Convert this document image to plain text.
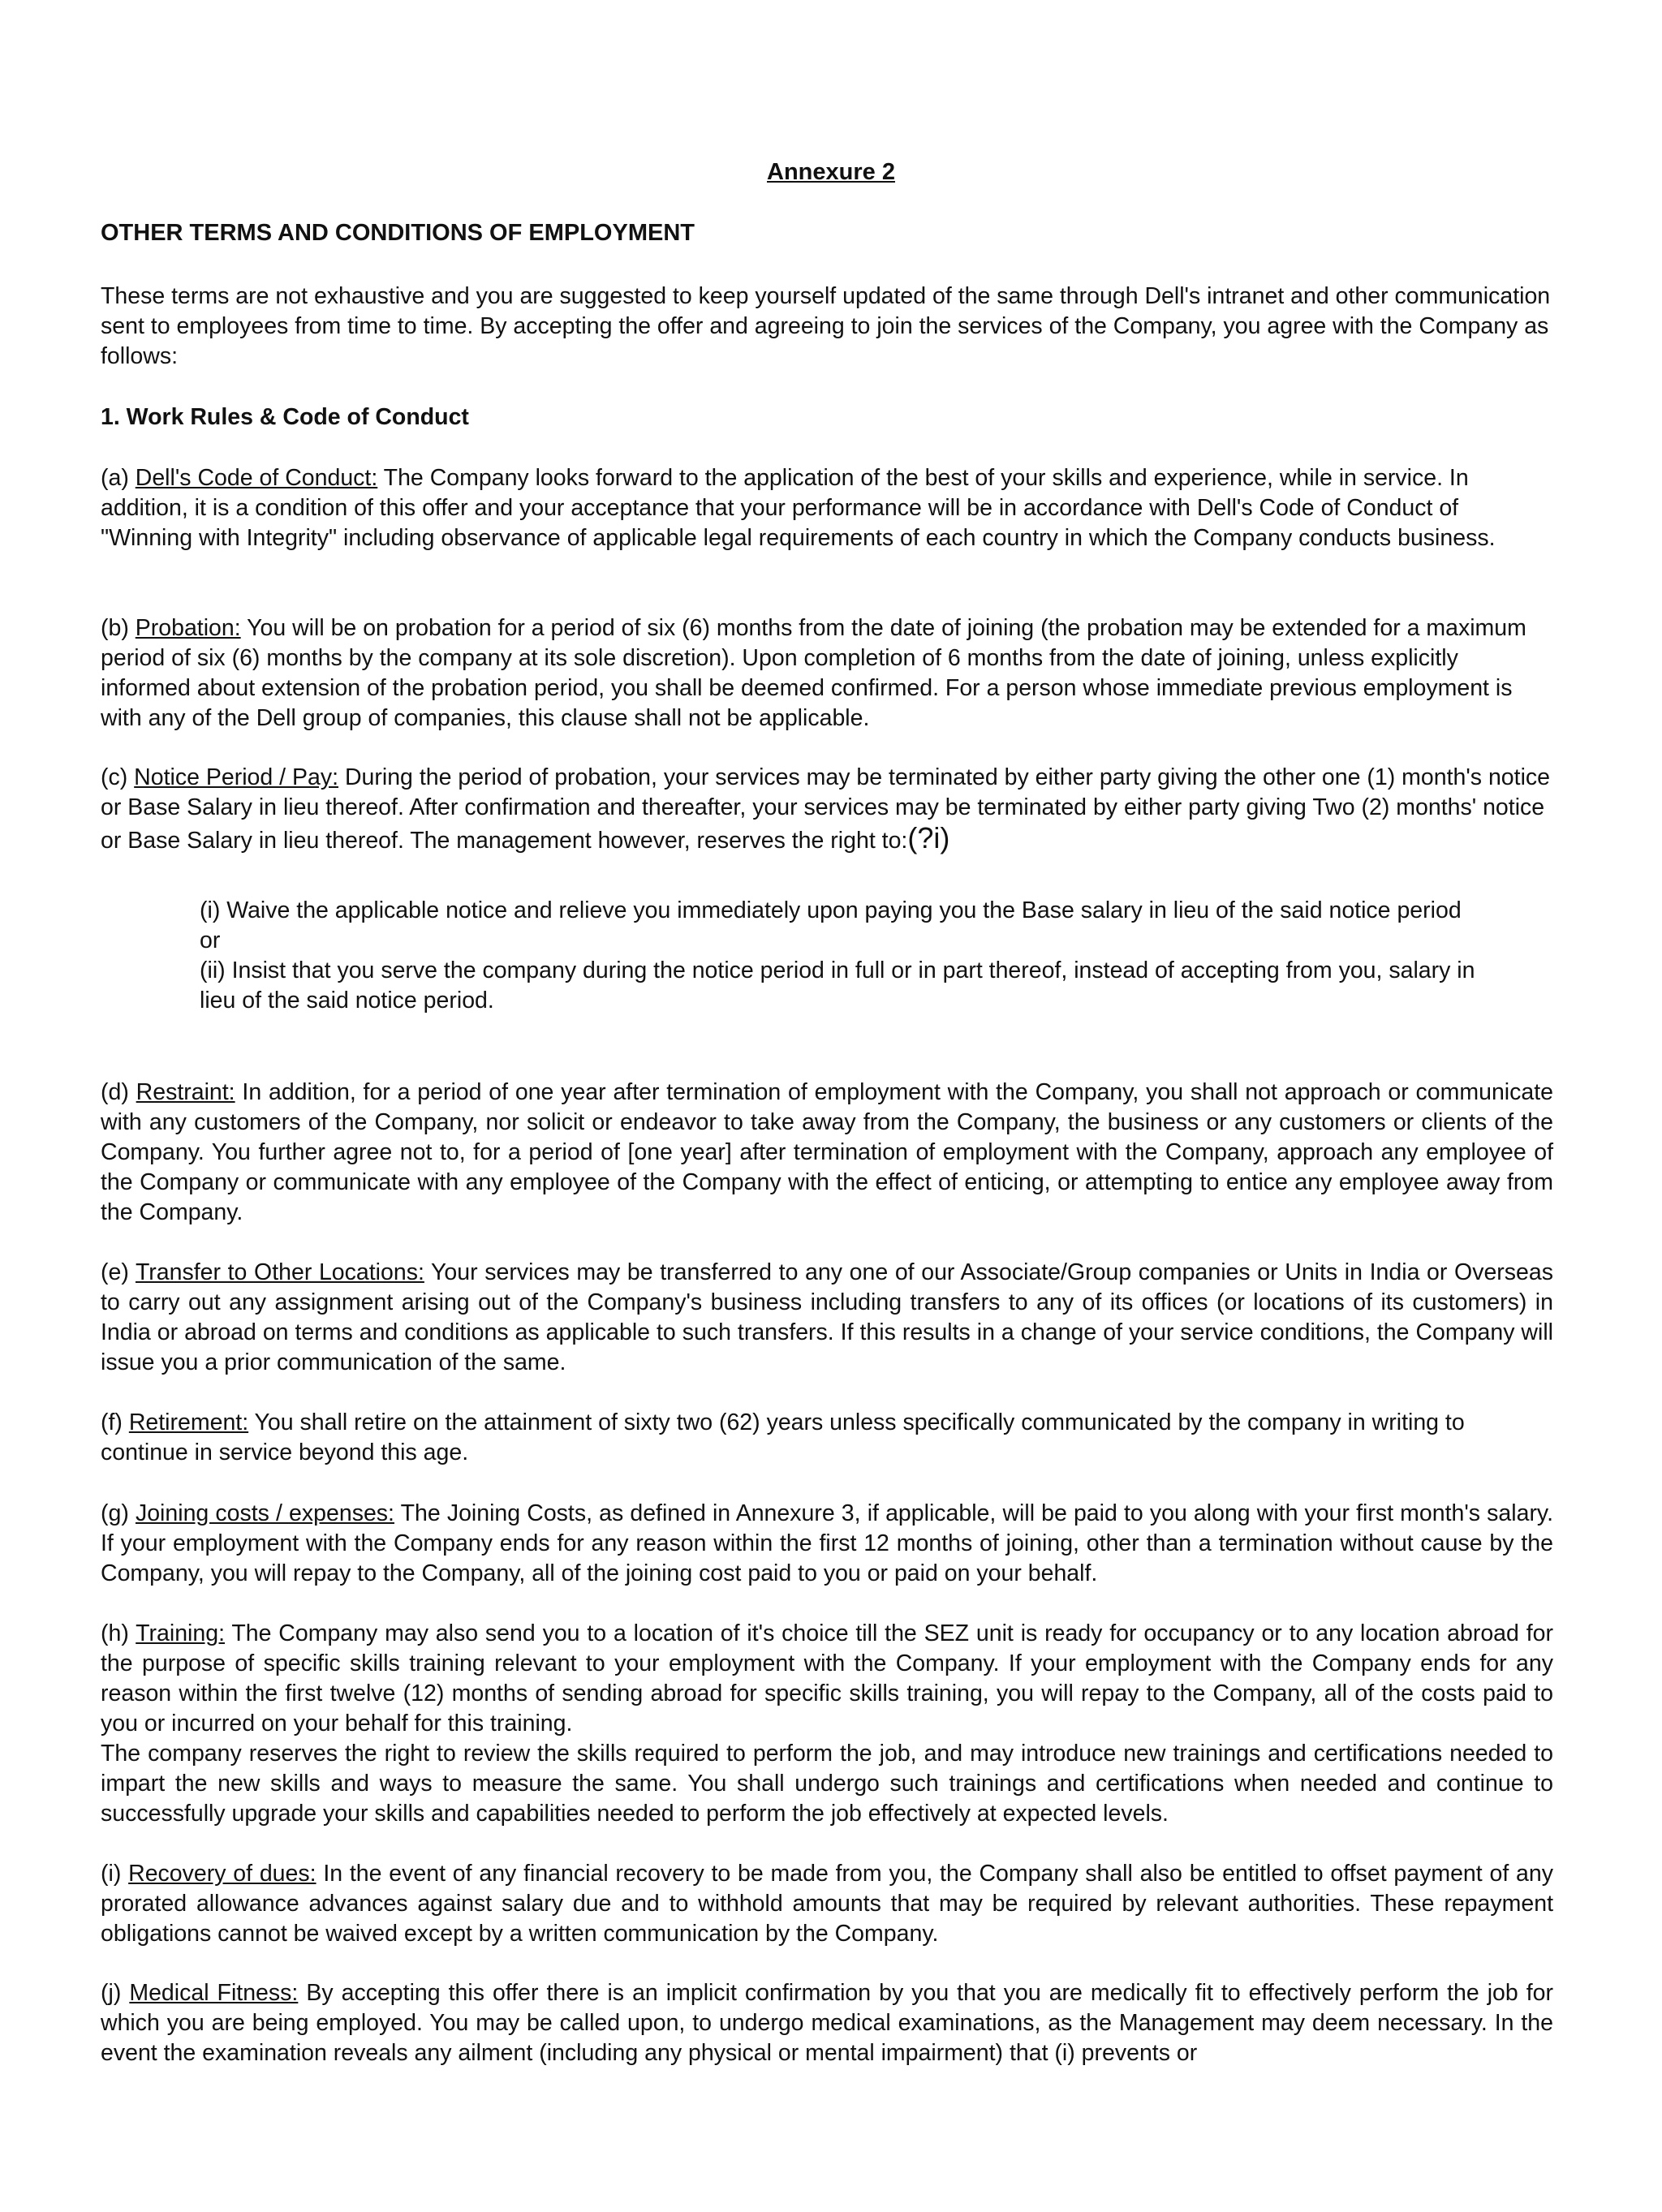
Annexure 2
OTHER TERMS AND CONDITIONS OF EMPLOYMENT

These terms are not exhaustive and you are suggested to keep yourself updated of the same through Dell's intranet and other communication sent to employees from time to time. By accepting the offer and agreeing to join the services of the Company, you agree with the Company as follows:

1. Work Rules & Code of Conduct

(a) Dell's Code of Conduct: The Company looks forward to the application of the best of your skills and experience, while in service. In addition, it is a condition of this offer and your acceptance that your performance will be in accordance with Dell's Code of Conduct of "Winning with Integrity" including observance of applicable legal requirements of each country in which the Company conducts business.

(b) Probation: You will be on probation for a period of six (6) months from the date of joining (the probation may be extended for a maximum period of six (6) months by the company at its sole discretion). Upon completion of 6 months from the date of joining, unless explicitly informed about extension of the probation period, you shall be deemed confirmed. For a person whose immediate previous employment is with any of the Dell group of companies, this clause shall not be applicable.

(c) Notice Period / Pay: During the period of probation, your services may be terminated by either party giving the other one (1) month's notice or Base Salary in lieu thereof. After confirmation and thereafter, your services may be terminated by either party giving Two (2) months' notice or Base Salary in lieu thereof. The management however, reserves the right to:(?i)

(i) Waive the applicable notice and relieve you immediately upon paying you the Base salary in lieu of the said notice period or

(ii) Insist that you serve the company during the notice period in full or in part thereof, instead of accepting from you, salary in lieu of the said notice period.

(d) Restraint: In addition, for a period of one year after termination of employment with the Company, you shall not approach or communicate with any customers of the Company, nor solicit or endeavor to take away from the Company, the business or any customers or clients of the Company. You further agree not to, for a period of [one year] after termination of employment with the Company, approach any employee of the Company or communicate with any employee of the Company with the effect of enticing, or attempting to entice any employee away from the Company.

(e) Transfer to Other Locations: Your services may be transferred to any one of our Associate/Group companies or Units in India or Overseas to carry out any assignment arising out of the Company's business including transfers to any of its offices (or locations of its customers) in India or abroad on terms and conditions as applicable to such transfers. If this results in a change of your service conditions, the Company will issue you a prior communication of the same.

(f) Retirement: You shall retire on the attainment of sixty two (62) years unless specifically communicated by the company in writing to continue in service beyond this age.

(g) Joining costs / expenses: The Joining Costs, as defined in Annexure 3, if applicable, will be paid to you along with your first month's salary. If your employment with the Company ends for any reason within the first 12 months of joining, other than a termination without cause by the Company, you will repay to the Company, all of the joining cost paid to you or paid on your behalf.

(h) Training: The Company may also send you to a location of it's choice till the SEZ unit is ready for occupancy or to any location abroad for the purpose of specific skills training relevant to your employment with the Company. If your employment with the Company ends for any reason within the first twelve (12) months of sending abroad for specific skills training, you will repay to the Company, all of the costs paid to you or incurred on your behalf for this training.

The company reserves the right to review the skills required to perform the job, and may introduce new trainings and certifications needed to impart the new skills and ways to measure the same. You shall undergo such trainings and certifications when needed and continue to successfully upgrade your skills and capabilities needed to perform the job effectively at expected levels.

(i) Recovery of dues: In the event of any financial recovery to be made from you, the Company shall also be entitled to offset payment of any prorated allowance advances against salary due and to withhold amounts that may be required by relevant authorities. These repayment obligations cannot be waived except by a written communication by the Company.

(j) Medical Fitness: By accepting this offer there is an implicit confirmation by you that you are medically fit to effectively perform the job for which you are being employed. You may be called upon, to undergo medical examinations, as the Management may deem necessary. In the event the examination reveals any ailment (including any physical or mental impairment) that (i) prevents or
